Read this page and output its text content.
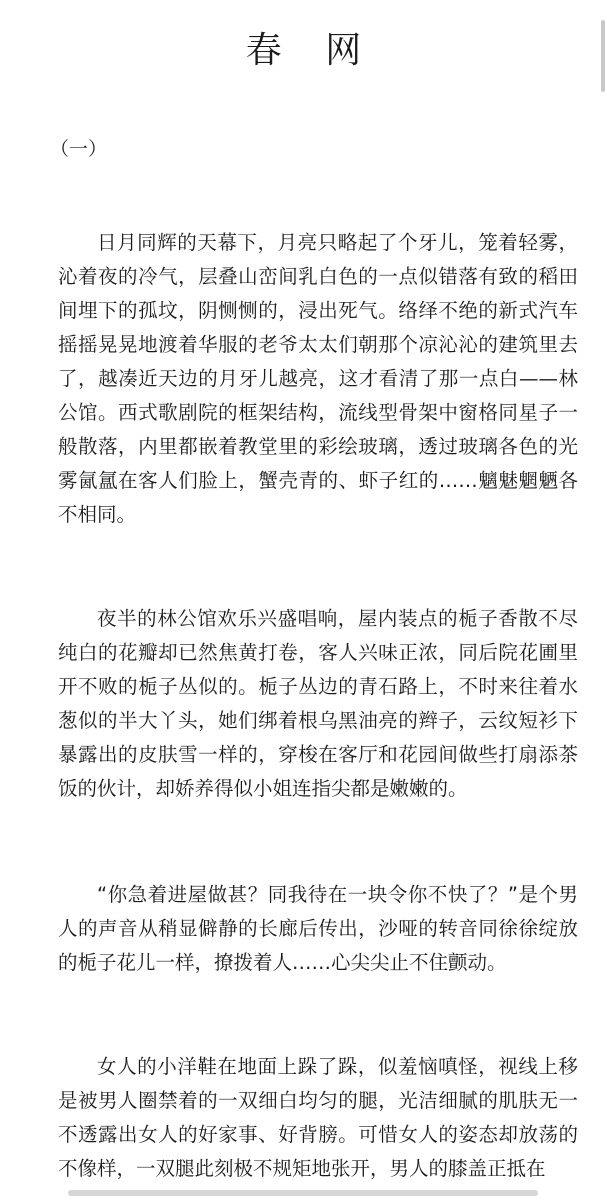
春 网
（一）

日月同辉的天幕下，月亮只略起了个牙儿，笼着轻雾，沁着夜的冷气，层叠山峦间乳白色的一点似错落有致的稻田间埋下的孤坟，阴恻恻的，浸出死气。络绎不绝的新式汽车摇摇晃晃地渡着华服的老爷太太们朝那个凉沁沁的建筑里去了，越凑近天边的月牙儿越亮，这才看清了那一点白——林公馆。西式歌剧院的框架结构，流线型骨架中窗格同星子一般散落，内里都嵌着教堂里的彩绘玻璃，透过玻璃各色的光雾氤氲在客人们脸上，蟹壳青的、虾子红的……魑魅魍魉各不相同。

夜半的林公馆欢乐兴盛唱响，屋内装点的栀子香散不尽纯白的花瓣却已然焦黄打卷，客人兴味正浓，同后院花圃里开不败的栀子丛似的。栀子丛边的青石路上，不时来往着水葱似的半大丫头，她们绑着根乌黑油亮的辫子，云纹短衫下暴露出的皮肤雪一样的，穿梭在客厅和花园间做些打扇添茶饭的伙计，却娇养得似小姐连指尖都是嫩嫩的。

“你急着进屋做甚？同我待在一块令你不快了？”是个男人的声音从稍显僻静的长廊后传出，沙哑的转音同徐徐绽放的栀子花儿一样，撩拨着人……心尖尖止不住颤动。

女人的小洋鞋在地面上跺了跺，似羞恼嗔怪，视线上移是被男人圈禁着的一双细白均匀的腿，光洁细腻的肌肤无一不透露出女人的好家事、好背膀。可惜女人的姿态却放荡的不像样，一双腿此刻极不规矩地张开，男人的膝盖正抵在
